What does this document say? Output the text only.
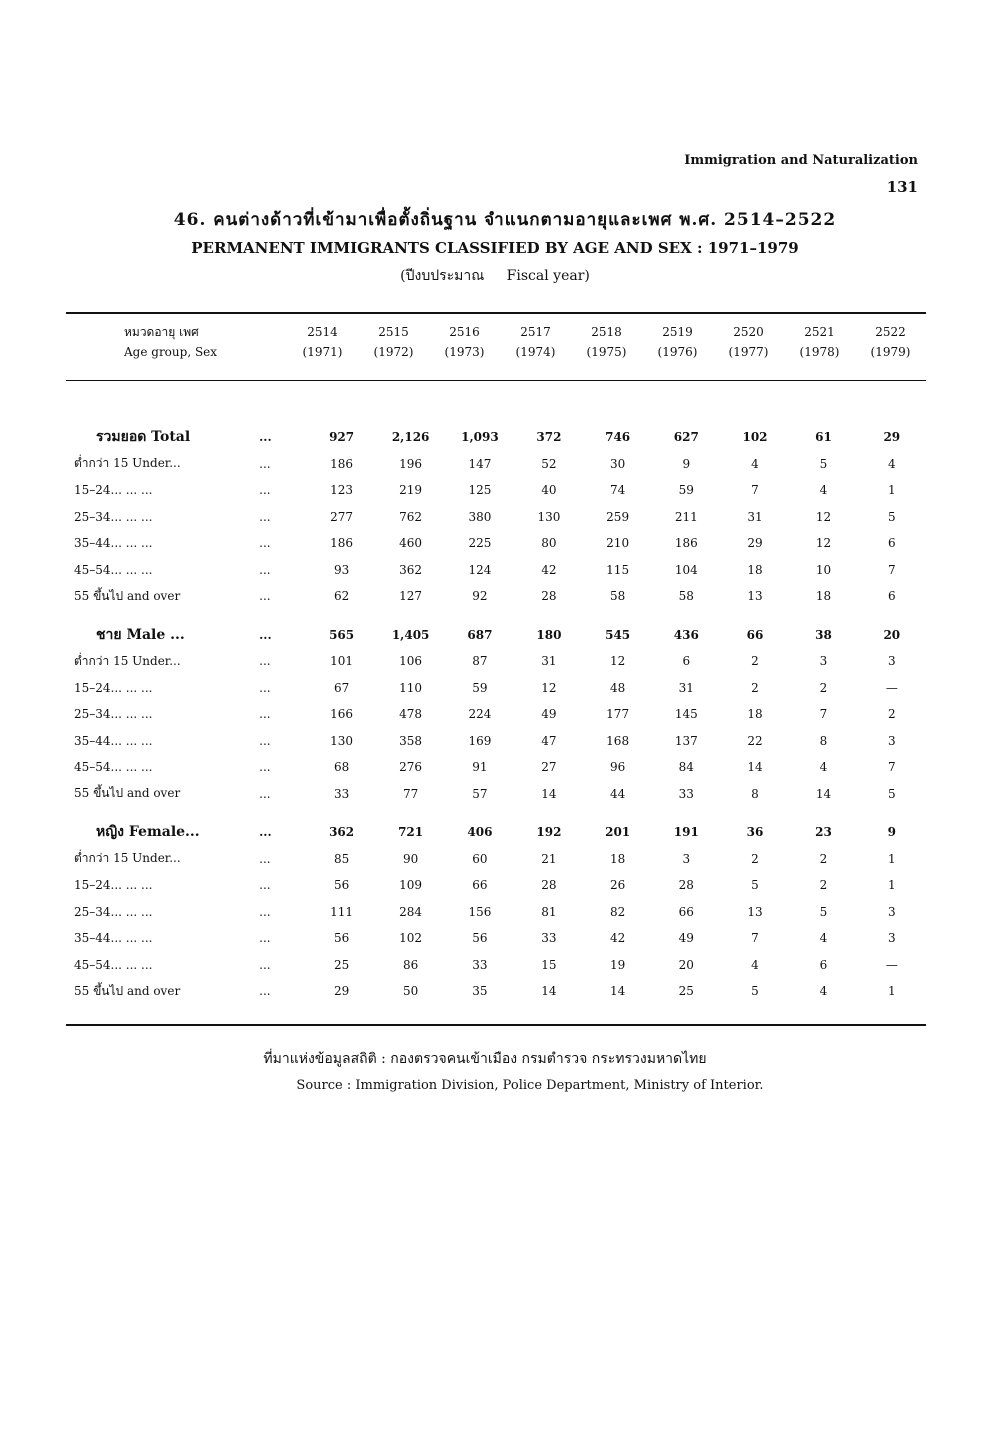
Immigration and Naturalization
131
46. คนต่างด้าวที่เข้ามาเพื่อตั้งถิ่นฐาน จำแนกตามอายุและเพศ พ.ศ. 2514–2522
PERMANENT IMMIGRANTS CLASSIFIED BY AGE AND SEX : 1971–1979
(ปีงบประมาณ Fiscal year)
หมวดอายุ เพศ	2514	2515	2516	2517	2518	2519	2520	2521	2522
Age group, Sex	(1971)	(1972)	(1973)	(1974)	(1975)	(1976)	(1977)	(1978)	(1979)
รวมยอด Total	...	927	2,126	1,093	372	746	627	102	61	29
ต่ำกว่า 15 Under...	...	186	196	147	52	30	9	4	5	4
15–24... ... ...	...	123	219	125	40	74	59	7	4	1
25–34... ... ...	...	277	762	380	130	259	211	31	12	5
35–44... ... ...	...	186	460	225	80	210	186	29	12	6
45–54... ... ...	...	93	362	124	42	115	104	18	10	7
55 ขึ้นไป and over	...	62	127	92	28	58	58	13	18	6

ชาย Male ...	...	565	1,405	687	180	545	436	66	38	20
ต่ำกว่า 15 Under...	...	101	106	87	31	12	6	2	3	3
15–24... ... ...	...	67	110	59	12	48	31	2	2	—
25–34... ... ...	...	166	478	224	49	177	145	18	7	2
35–44... ... ...	...	130	358	169	47	168	137	22	8	3
45–54... ... ...	...	68	276	91	27	96	84	14	4	7
55 ขึ้นไป and over	...	33	77	57	14	44	33	8	14	5

หญิง Female...	...	362	721	406	192	201	191	36	23	9
ต่ำกว่า 15 Under...	...	85	90	60	21	18	3	2	2	1
15–24... ... ...	...	56	109	66	28	26	28	5	2	1
25–34... ... ...	...	111	284	156	81	82	66	13	5	3
35–44... ... ...	...	56	102	56	33	42	49	7	4	3
45–54... ... ...	...	25	86	33	15	19	20	4	6	—
55 ขึ้นไป and over	...	29	50	35	14	14	25	5	4	1
ที่มาแห่งข้อมูลสถิติ : กองตรวจคนเข้าเมือง กรมตำรวจ กระทรวงมหาดไทย
Source : Immigration Division, Police Department, Ministry of Interior.
